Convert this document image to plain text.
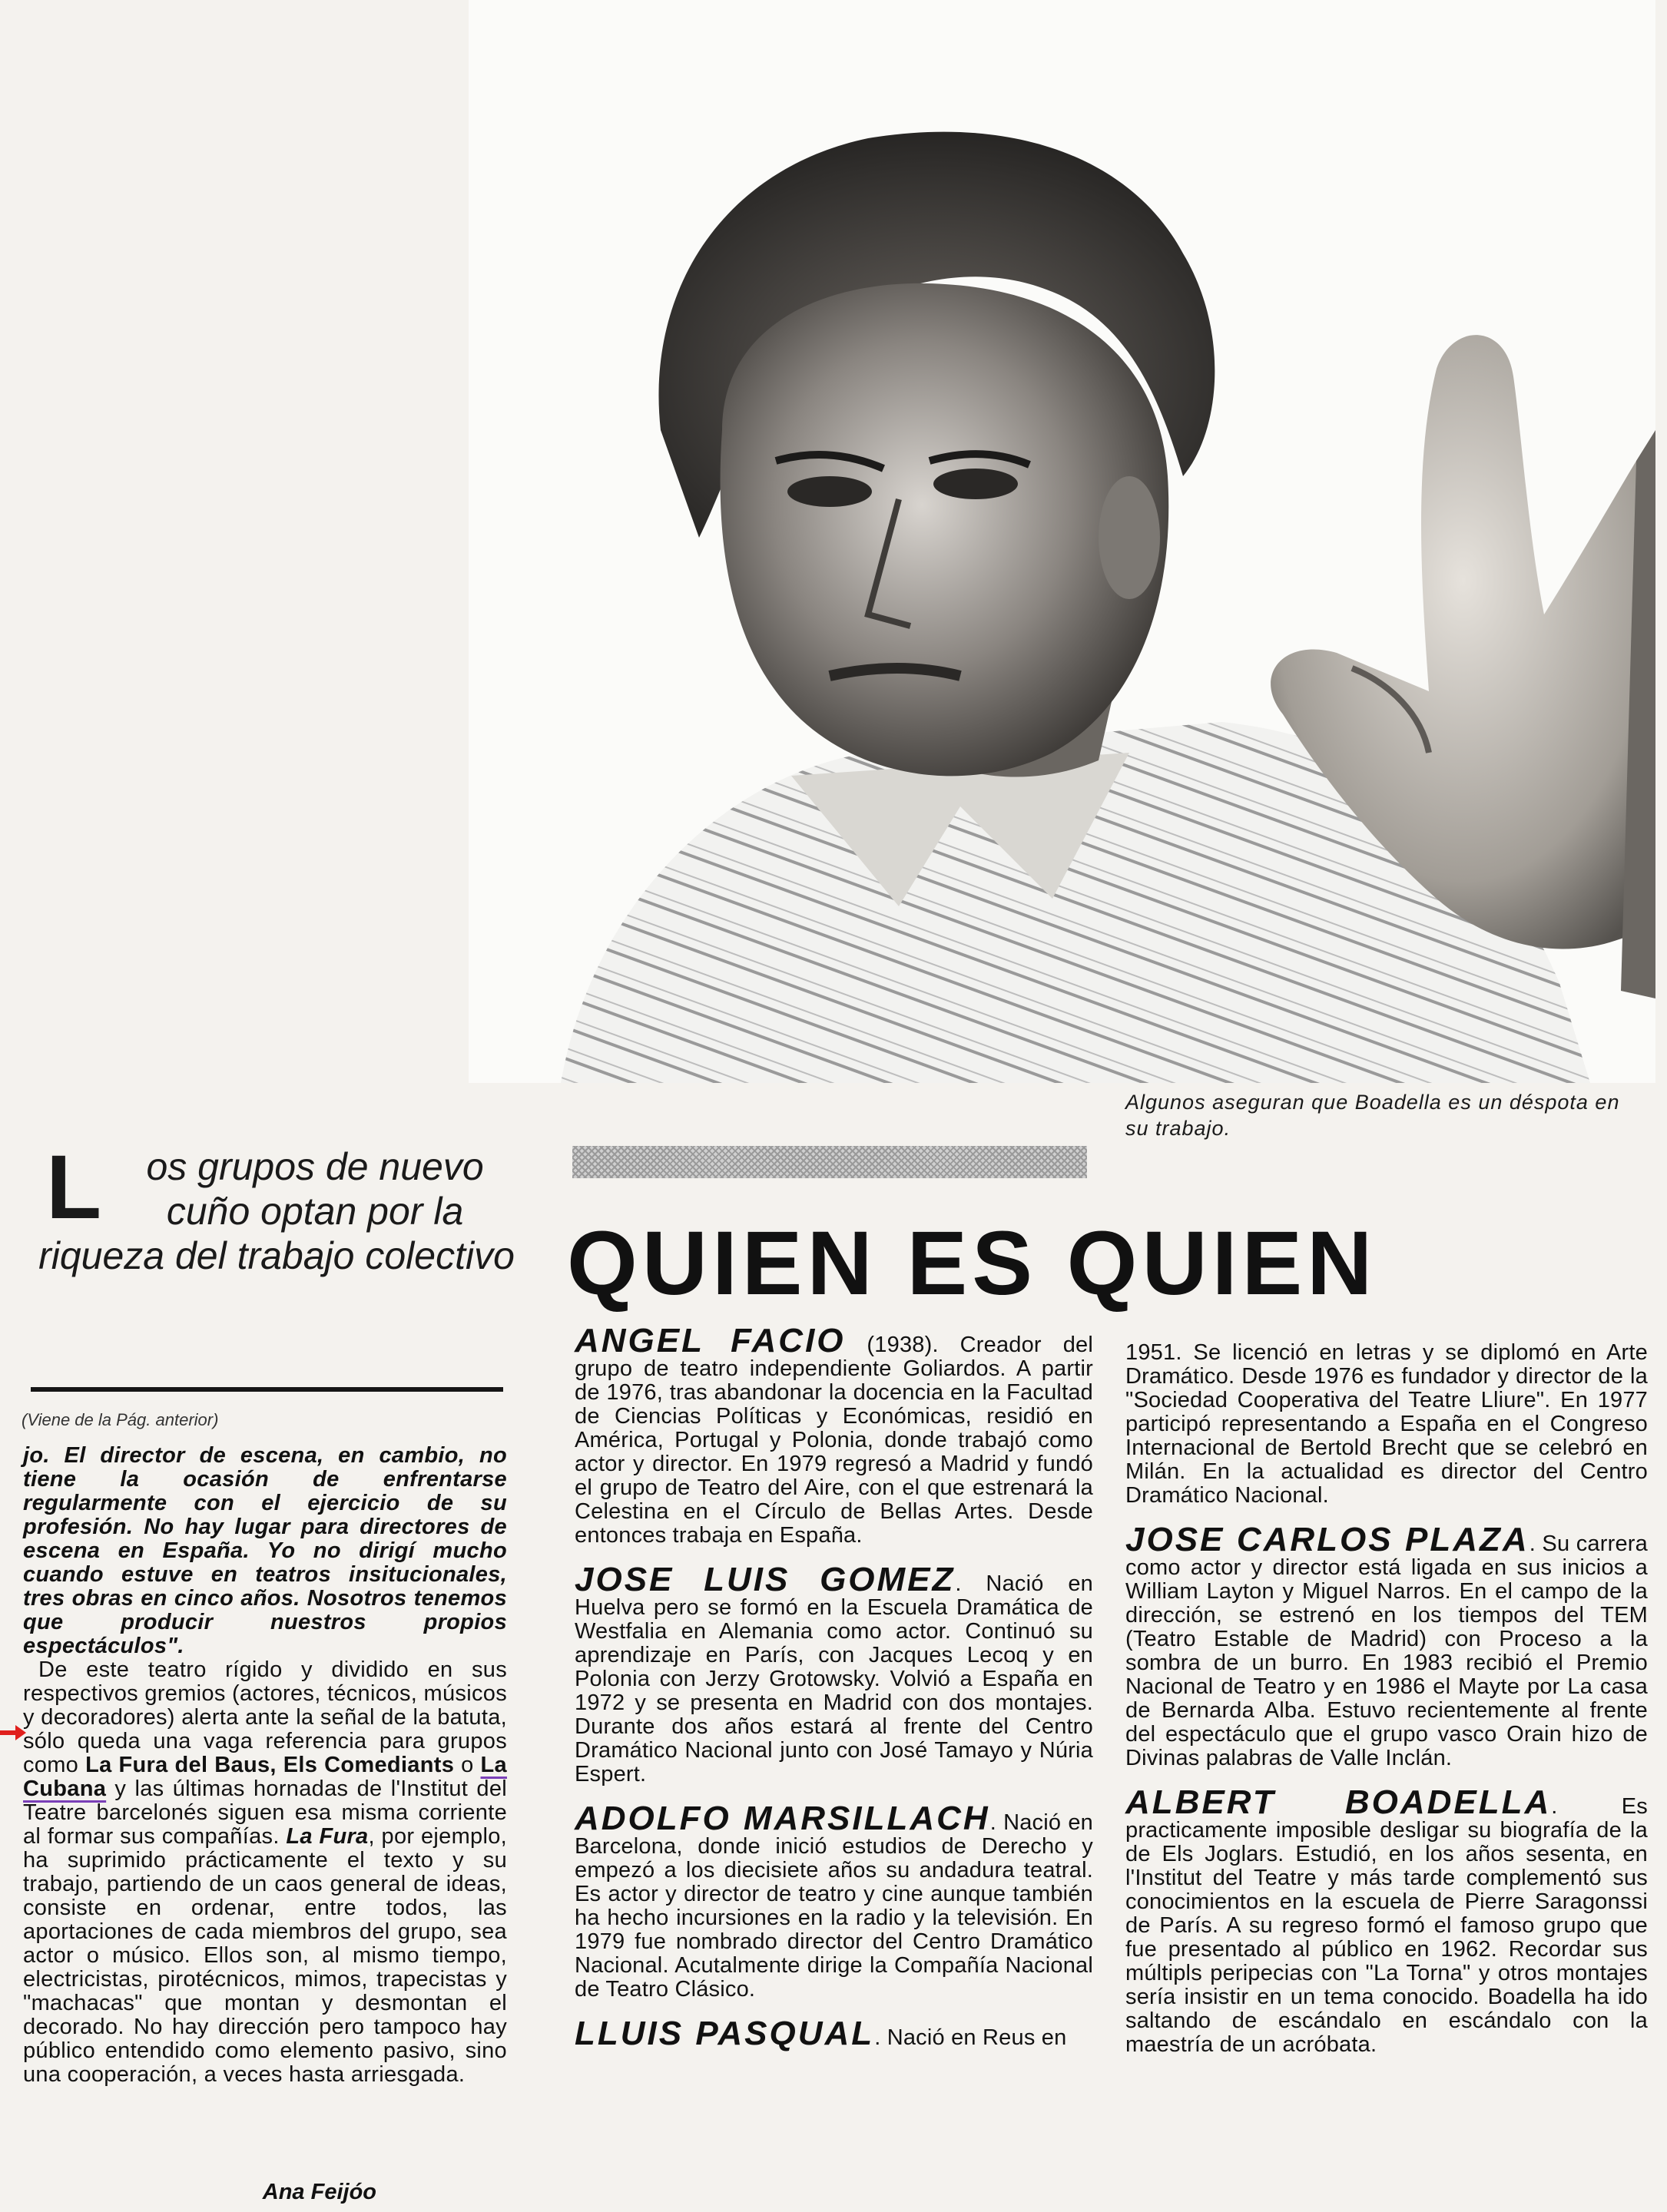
Algunos aseguran que Boadella es un déspota en su trabajo.
L os grupos de nuevo cuño optan por la riqueza del trabajo colectivo
(Viene de la Pág. anterior)

jo. El director de escena, en cambio, no tiene la ocasión de enfrentarse regularmente con el ejercicio de su profesión. No hay lugar para directores de escena en España. Yo no dirigí mucho cuando estuve en teatros insitucionales, tres obras en cinco años. Nosotros tenemos que producir nuestros propios espectáculos".

De este teatro rígido y dividido en sus respectivos gremios (actores, técnicos, músicos y decoradores) alerta ante la señal de la batuta, sólo queda una vaga referencia para grupos como La Fura del Baus, Els Comediants o La Cubana y las últimas hornadas de l'Institut del Teatre barcelonés siguen esa misma corriente al formar sus compañías. La Fura, por ejemplo, ha suprimido prácticamente el texto y su trabajo, partiendo de un caos general de ideas, consiste en ordenar, entre todos, las aportaciones de cada miembros del grupo, sea actor o músico. Ellos son, al mismo tiempo, electricistas, pirotécnicos, mimos, trapecistas y "machacas" que montan y desmontan el decorado. No hay dirección pero tampoco hay público entendido como elemento pasivo, sino una cooperación, a veces hasta arriesgada.

Ana Feijóo
QUIEN ES QUIEN
ANGEL FACIO (1938). Creador del grupo de teatro independiente Goliardos. A partir de 1976, tras abandonar la docencia en la Facultad de Ciencias Políticas y Económicas, residió en América, Portugal y Polonia, donde trabajó como actor y director. En 1979 regresó a Madrid y fundó el grupo de Teatro del Aire, con el que estrenará la Celestina en el Círculo de Bellas Artes. Desde entonces trabaja en España.
JOSE LUIS GOMEZ. Nació en Huelva pero se formó en la Escuela Dramática de Westfalia en Alemania como actor. Continuó su aprendizaje en París, con Jacques Lecoq y en Polonia con Jerzy Grotowsky. Volvió a España en 1972 y se presenta en Madrid con dos montajes. Durante dos años estará al frente del Centro Dramático Nacional junto con José Tamayo y Núria Espert.
ADOLFO MARSILLACH. Nació en Barcelona, donde inició estudios de Derecho y empezó a los diecisiete años su andadura teatral. Es actor y director de teatro y cine aunque también ha hecho incursiones en la radio y la televisión. En 1979 fue nombrado director del Centro Dramático Nacional. Acutalmente dirige la Compañía Nacional de Teatro Clásico.
LLUIS PASQUAL. Nació en Reus en
1951. Se licenció en letras y se diplomó en Arte Dramático. Desde 1976 es fundador y director de la "Sociedad Cooperativa del Teatre Lliure". En 1977 participó representando a España en el Congreso Internacional de Bertold Brecht que se celebró en Milán. En la actualidad es director del Centro Dramático Nacional.
JOSE CARLOS PLAZA. Su carrera como actor y director está ligada en sus inicios a William Layton y Miguel Narros. En el campo de la dirección, se estrenó en los tiempos del TEM (Teatro Estable de Madrid) con Proceso a la sombra de un burro. En 1983 recibió el Premio Nacional de Teatro y en 1986 el Mayte por La casa de Bernarda Alba. Estuvo recientemente al frente del espectáculo que el grupo vasco Orain hizo de Divinas palabras de Valle Inclán.
ALBERT BOADELLA. Es practicamente imposible desligar su biografía de la de Els Joglars. Estudió, en los años sesenta, en l'Institut del Teatre y más tarde complementó sus conocimientos en la escuela de Pierre Saragonssi de París. A su regreso formó el famoso grupo que fue presentado al público en 1962. Recordar sus múltipls peripecias con "La Torna" y otros montajes sería insistir en un tema conocido. Boadella ha ido saltando de escándalo en escándalo con la maestría de un acróbata.
